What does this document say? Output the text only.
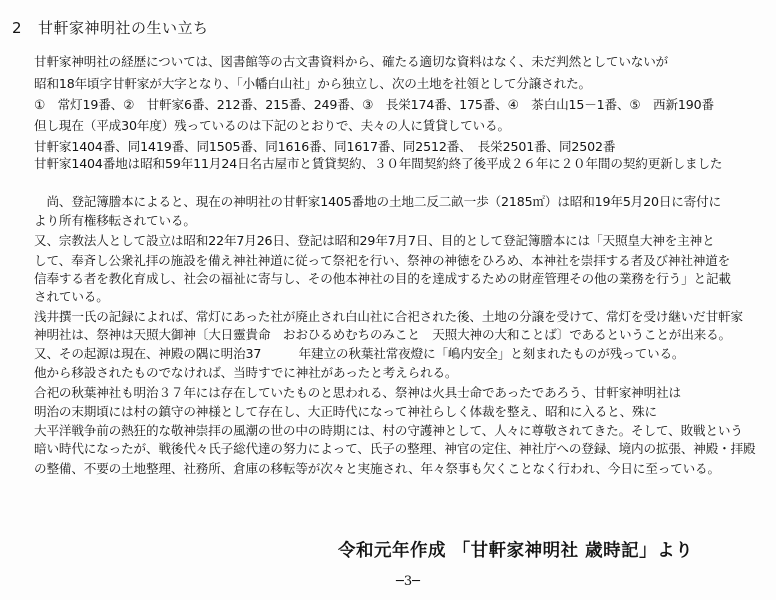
2 甘軒家神明社の生い立ち

甘軒家神明社の経歴については、図書館等の古文書資料から、確たる適切な資料はなく、未だ判然としていないが

昭和18年頃字甘軒家が大字となり、「小幡白山社」から独立し、次の土地を社領として分譲された。

①　常灯19番、②　甘軒家6番、212番、215番、249番、③　長栄174番、175番、④　茶白山15－1番、⑤　西新190番

但し現在（平成30年度）残っているのは下記のとおりで、夫々の人に賃貸している。

甘軒家1404番、同1419番、同1505番、同1616番、同1617番、同2512番、　長栄2501番、同2502番

甘軒家1404番地は昭和59年11月24日名古屋市と賃貸契約、３０年間契約終了後平成２６年に２０年間の契約更新しました

　尚、登記簿謄本によると、現在の神明社の甘軒家1405番地の土地二反二畝一歩（2185㎡）は昭和19年5月20日に寄付に

より所有権移転されている。

又、宗教法人として設立は昭和22年7月26日、登記は昭和29年7月7日、目的として登記簿謄本には「天照皇大神を主神と

して、奉斉し公衆礼拝の施設を備え神社神道に従って祭祀を行い、祭神の神徳をひろめ、本神社を崇拝する者及び神社神道を

信奉する者を教化育成し、社会の福祉に寄与し、その他本神社の目的を達成するための財産管理その他の業務を行う」と記載

されている。

浅井撰一氏の記録によれば、常灯にあった社が廃止され白山社に合祀された後、土地の分譲を受けて、常灯を受け継いだ甘軒家

神明社は、祭神は天照大御神〔大日靈貴命　おおひるめむちのみこと　天照大神の大和ことば〕であるということが出来る。

又、その起源は現在、神殿の隅に明治37　　　年建立の秋葉社常夜燈に「嶋内安全」と刻まれたものが残っている。

他から移設されたものでなければ、当時すでに神社があったと考えられる。

合祀の秋葉神社も明治３７年には存在していたものと思われる、祭神は火具士命であったであろう、甘軒家神明社は

明治の末期頃には村の鎮守の神様として存在し、大正時代になって神社らしく体裁を整え、昭和に入ると、殊に

大平洋戦争前の熱狂的な敬神崇拝の風潮の世の中の時期には、村の守護神として、人々に尊敬されてきた。そして、敗戦という

暗い時代になったが、戦後代々氏子総代達の努力によって、氏子の整理、神官の定住、神社庁への登録、境内の拡張、神殿・拝殿

の整備、不要の土地整理、社務所、倉庫の移転等が次々と実施され、年々祭事も欠くことなく行われ、今日に至っている。

令和元年作成 「甘軒家神明社 歳時記」より

─3─
